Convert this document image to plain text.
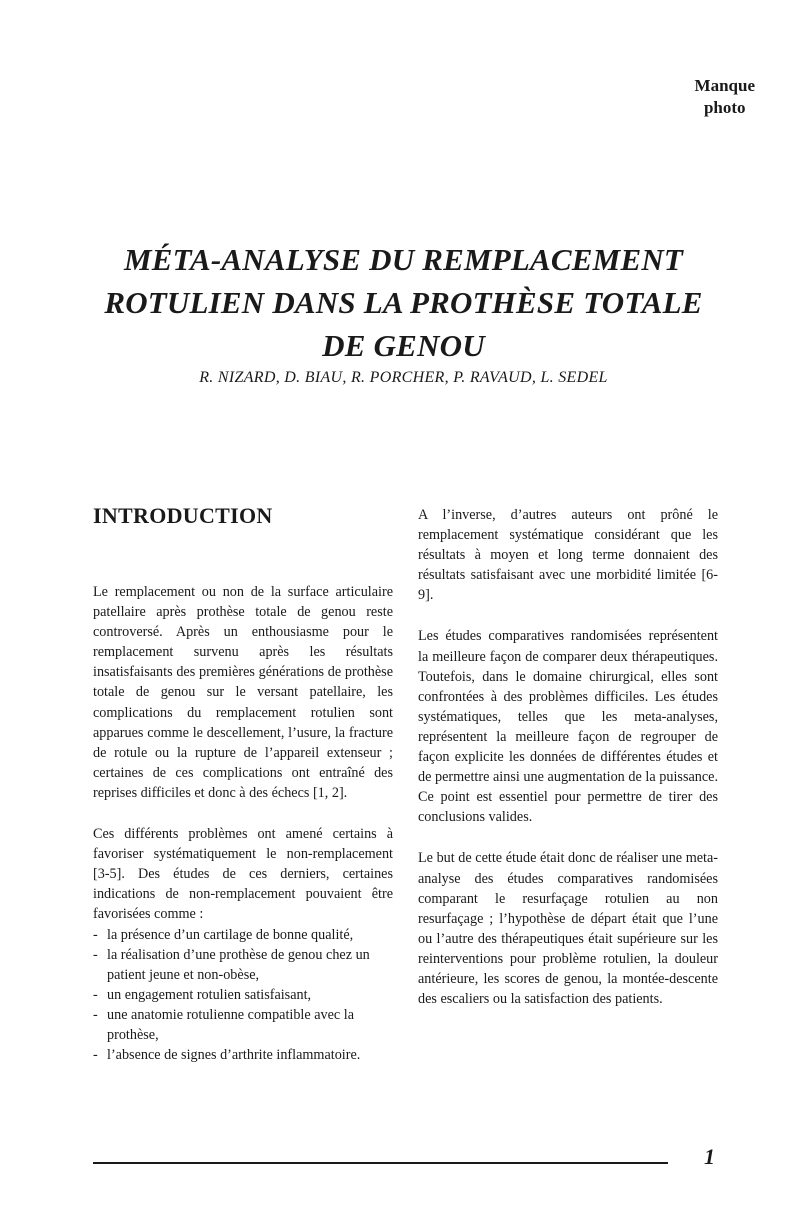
Manque
photo
MÉTA-ANALYSE DU REMPLACEMENT
ROTULIEN DANS LA PROTHÈSE TOTALE
DE GENOU
R. NIZARD, D. BIAU, R. PORCHER, P. RAVAUD, L. SEDEL
INTRODUCTION

Le remplacement ou non de la surface articulaire patellaire après prothèse totale de genou reste controversé. Après un enthousiasme pour le remplacement survenu après les résultats insatisfaisants des premières générations de prothèse totale de genou sur le versant patellaire, les complications du remplacement rotulien sont apparues comme le descellement, l’usure, la fracture de rotule ou la rupture de l’appareil extenseur ; certaines de ces complications ont entraîné des reprises difficiles et donc à des échecs [1, 2].

Ces différents problèmes ont amené certains à favoriser systématiquement le non-remplacement [3-5]. Des études de ces derniers, certaines indications de non-remplacement pouvaient être favorisées comme :

- la présence d’un cartilage de bonne qualité,
- la réalisation d’une prothèse de genou chez un patient jeune et non-obèse,
- un engagement rotulien satisfaisant,
- une anatomie rotulienne compatible avec la prothèse,
- l’absence de signes d’arthrite inflammatoire.

A l’inverse, d’autres auteurs ont prôné le remplacement systématique considérant que les résultats à moyen et long terme donnaient des résultats satisfaisant avec une morbidité limitée [6-9].

Les études comparatives randomisées représentent la meilleure façon de comparer deux thérapeutiques. Toutefois, dans le domaine chirurgical, elles sont confrontées à des problèmes difficiles. Les études systématiques, telles que les meta-analyses, représentent la meilleure façon de regrouper de façon explicite les données de différentes études et de permettre ainsi une augmentation de la puissance. Ce point est essentiel pour permettre de tirer des conclusions valides.

Le but de cette étude était donc de réaliser une meta-analyse des études comparatives randomisées comparant le resurfaçage rotulien au non resurfaçage ; l’hypothèse de départ était que l’une ou l’autre des thérapeutiques était supérieure sur les reinterventions pour problème rotulien, la douleur antérieure, les scores de genou, la montée-descente des escaliers ou la satisfaction des patients.

1
